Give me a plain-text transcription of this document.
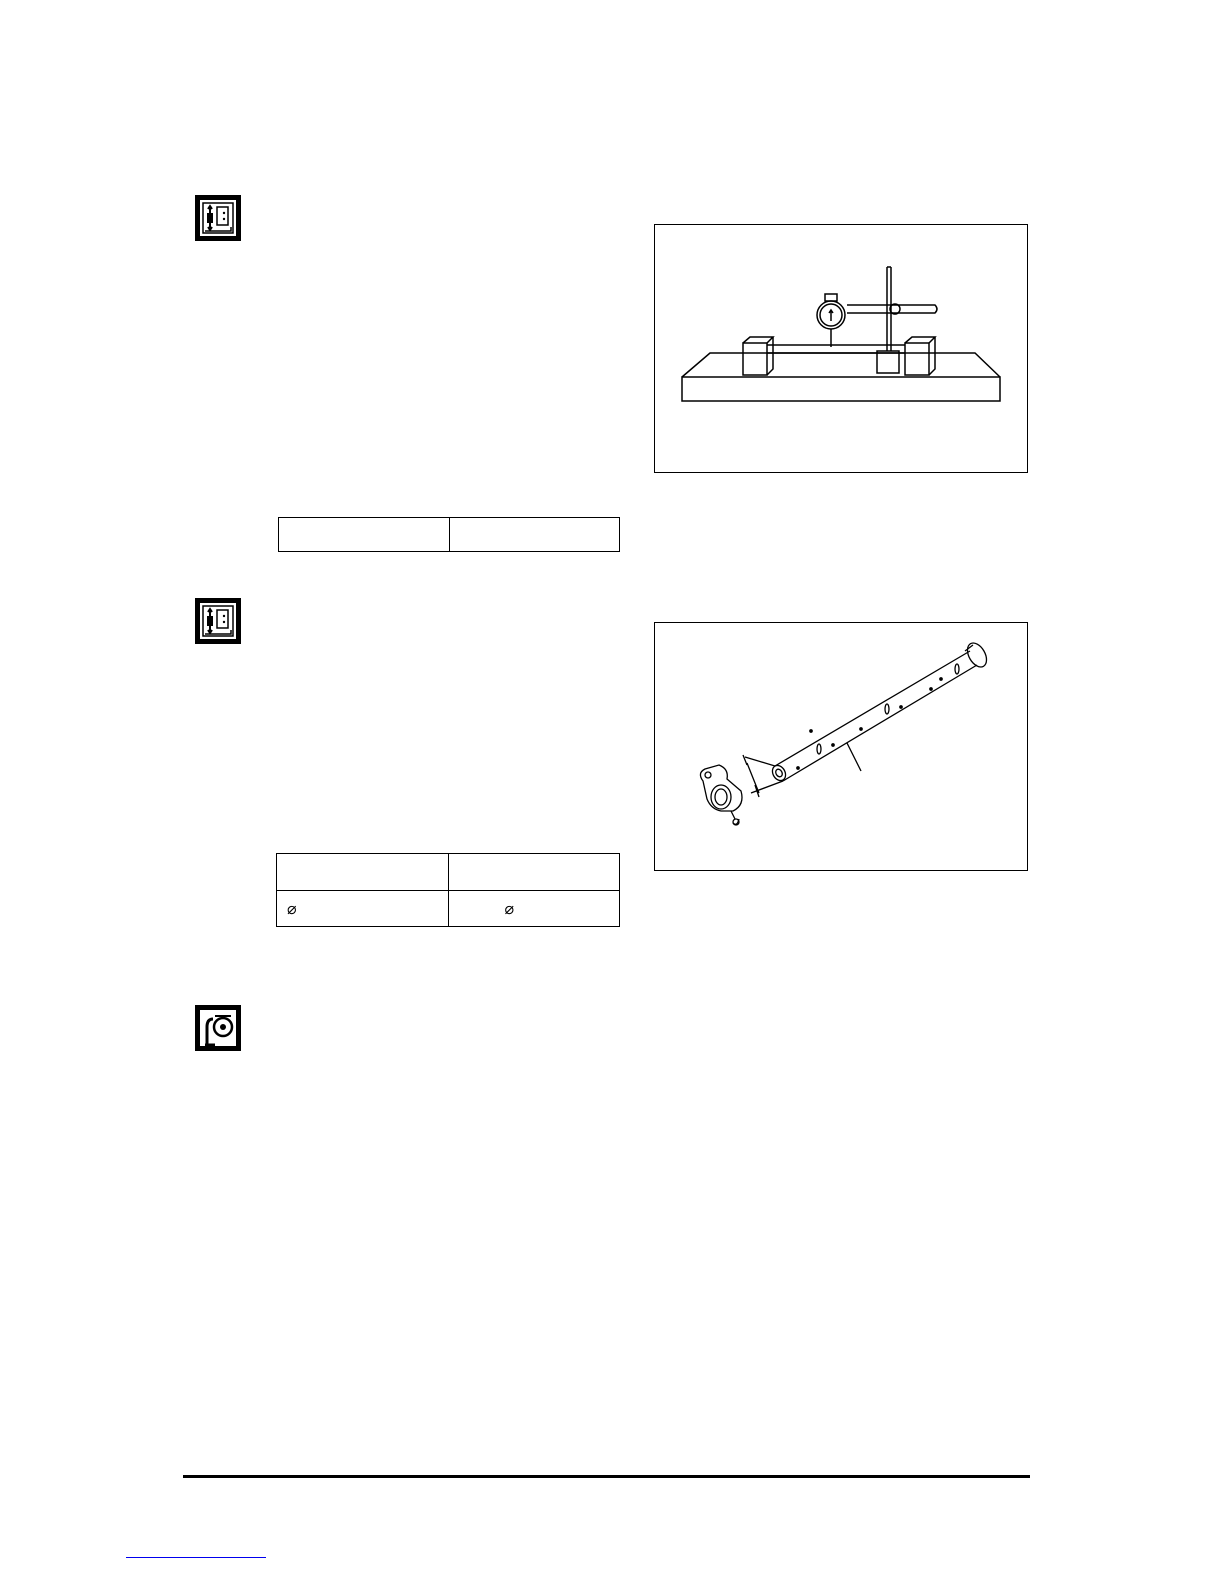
⌀	⌀
